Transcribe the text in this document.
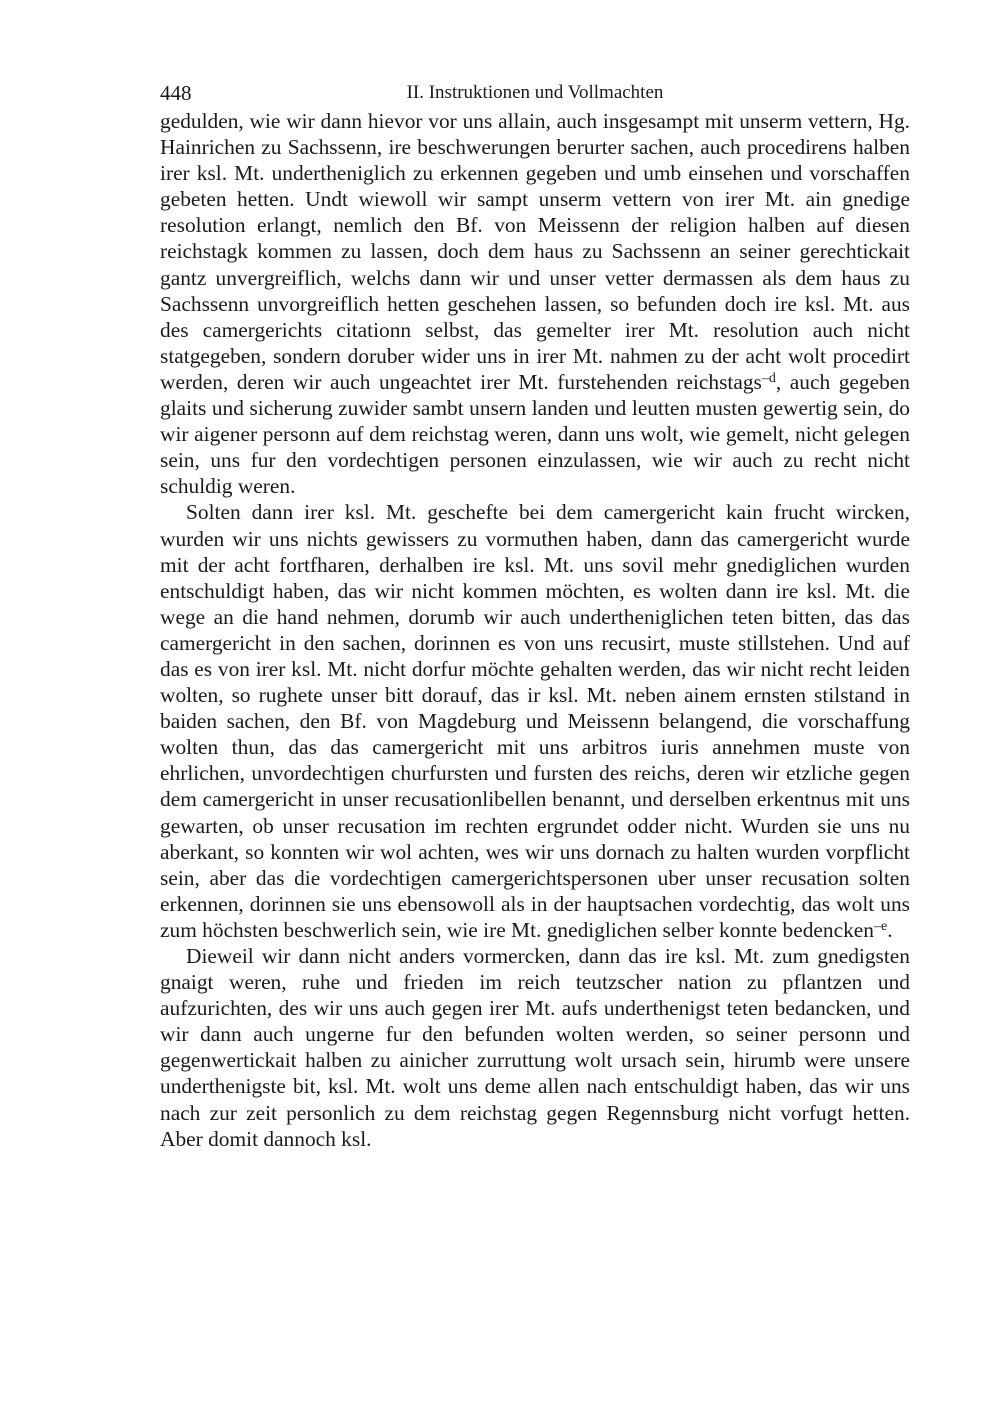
448	II. Instruktionen und Vollmachten

gedulden, wie wir dann hievor vor uns allain, auch insgesampt mit unserm vettern, Hg. Hainrichen zu Sachssenn, ire beschwerungen berurter sachen, auch procedirens halben irer ksl. Mt. undertheniglich zu erkennen gegeben und umb einsehen und vorschaffen gebeten hetten. Undt wiewoll wir sampt unserm vettern von irer Mt. ain gnedige resolution erlangt, nemlich den Bf. von Meissenn der religion halben auf diesen reichstagk kommen zu lassen, doch dem haus zu Sachssenn an seiner gerechtickait gantz unvergreiflich, welchs dann wir und unser vetter dermassen als dem haus zu Sachssenn unvorgreiflich hetten geschehen lassen, so befunden doch ire ksl. Mt. aus des camergerichts citationn selbst, das gemelter irer Mt. resolution auch nicht statgegeben, sondern doruber wider uns in irer Mt. nahmen zu der acht wolt procedirt werden, deren wir auch ungeachtet irer Mt. furstehenden reichstags$^{-d}$, auch gegeben glaits und sicherung zuwider sambt unsern landen und leutten musten gewertig sein, do wir aigener personn auf dem reichstag weren, dann uns wolt, wie gemelt, nicht gelegen sein, uns fur den vordechtigen personen einzulassen, wie wir auch zu recht nicht schuldig weren.

Solten dann irer ksl. Mt. geschefte bei dem camergericht kain frucht wircken, wurden wir uns nichts gewissers zu vormuthen haben, dann das camergericht wurde mit der acht fortfharen, derhalben ire ksl. Mt. uns sovil mehr gnediglichen wurden entschuldigt haben, das wir nicht kommen möchten, es wolten dann ire ksl. Mt. die wege an die hand nehmen, dorumb wir auch undertheniglichen teten bitten, das das camergericht in den sachen, dorinnen es von uns recusirt, muste stillstehen. Und auf das es von irer ksl. Mt. nicht dorfur möchte gehalten werden, das wir nicht recht leiden wolten, so rughete unser bitt dorauf, das ir ksl. Mt. neben ainem ernsten stilstand in baiden sachen, den Bf. von Magdeburg und Meissenn belangend, die vorschaffung wolten thun, das das camergericht mit uns arbitros iuris annehmen muste von ehrlichen, unvordechtigen churfursten und fursten des reichs, deren wir etzliche gegen dem camergericht in unser recusationlibellen benannt, und derselben erkentnus mit uns gewarten, ob unser recusation im rechten ergrundet odder nicht. Wurden sie uns nu aberkant, so konnten wir wol achten, wes wir uns dornach zu halten wurden vorpflicht sein, aber das die vordechtigen camergerichtspersonen uber unser recusation solten erkennen, dorinnen sie uns ebensowoll als in der hauptsachen vordechtig, das wolt uns zum höchsten beschwerlich sein, wie ire Mt. gnediglichen selber konnte bedencken$^{-e}$.

Dieweil wir dann nicht anders vormercken, dann das ire ksl. Mt. zum gnedigsten gnaigt weren, ruhe und frieden im reich teutzscher nation zu pflantzen und aufzurichten, des wir uns auch gegen irer Mt. aufs underthenigst teten bedancken, und wir dann auch ungerne fur den befunden wolten werden, so seiner personn und gegenwertickait halben zu ainicher zurruttung wolt ursach sein, hirumb were unsere underthenigste bit, ksl. Mt. wolt uns deme allen nach entschuldigt haben, das wir uns nach zur zeit personlich zu dem reichstag gegen Regennsburg nicht vorfugt hetten. Aber domit dannoch ksl.
